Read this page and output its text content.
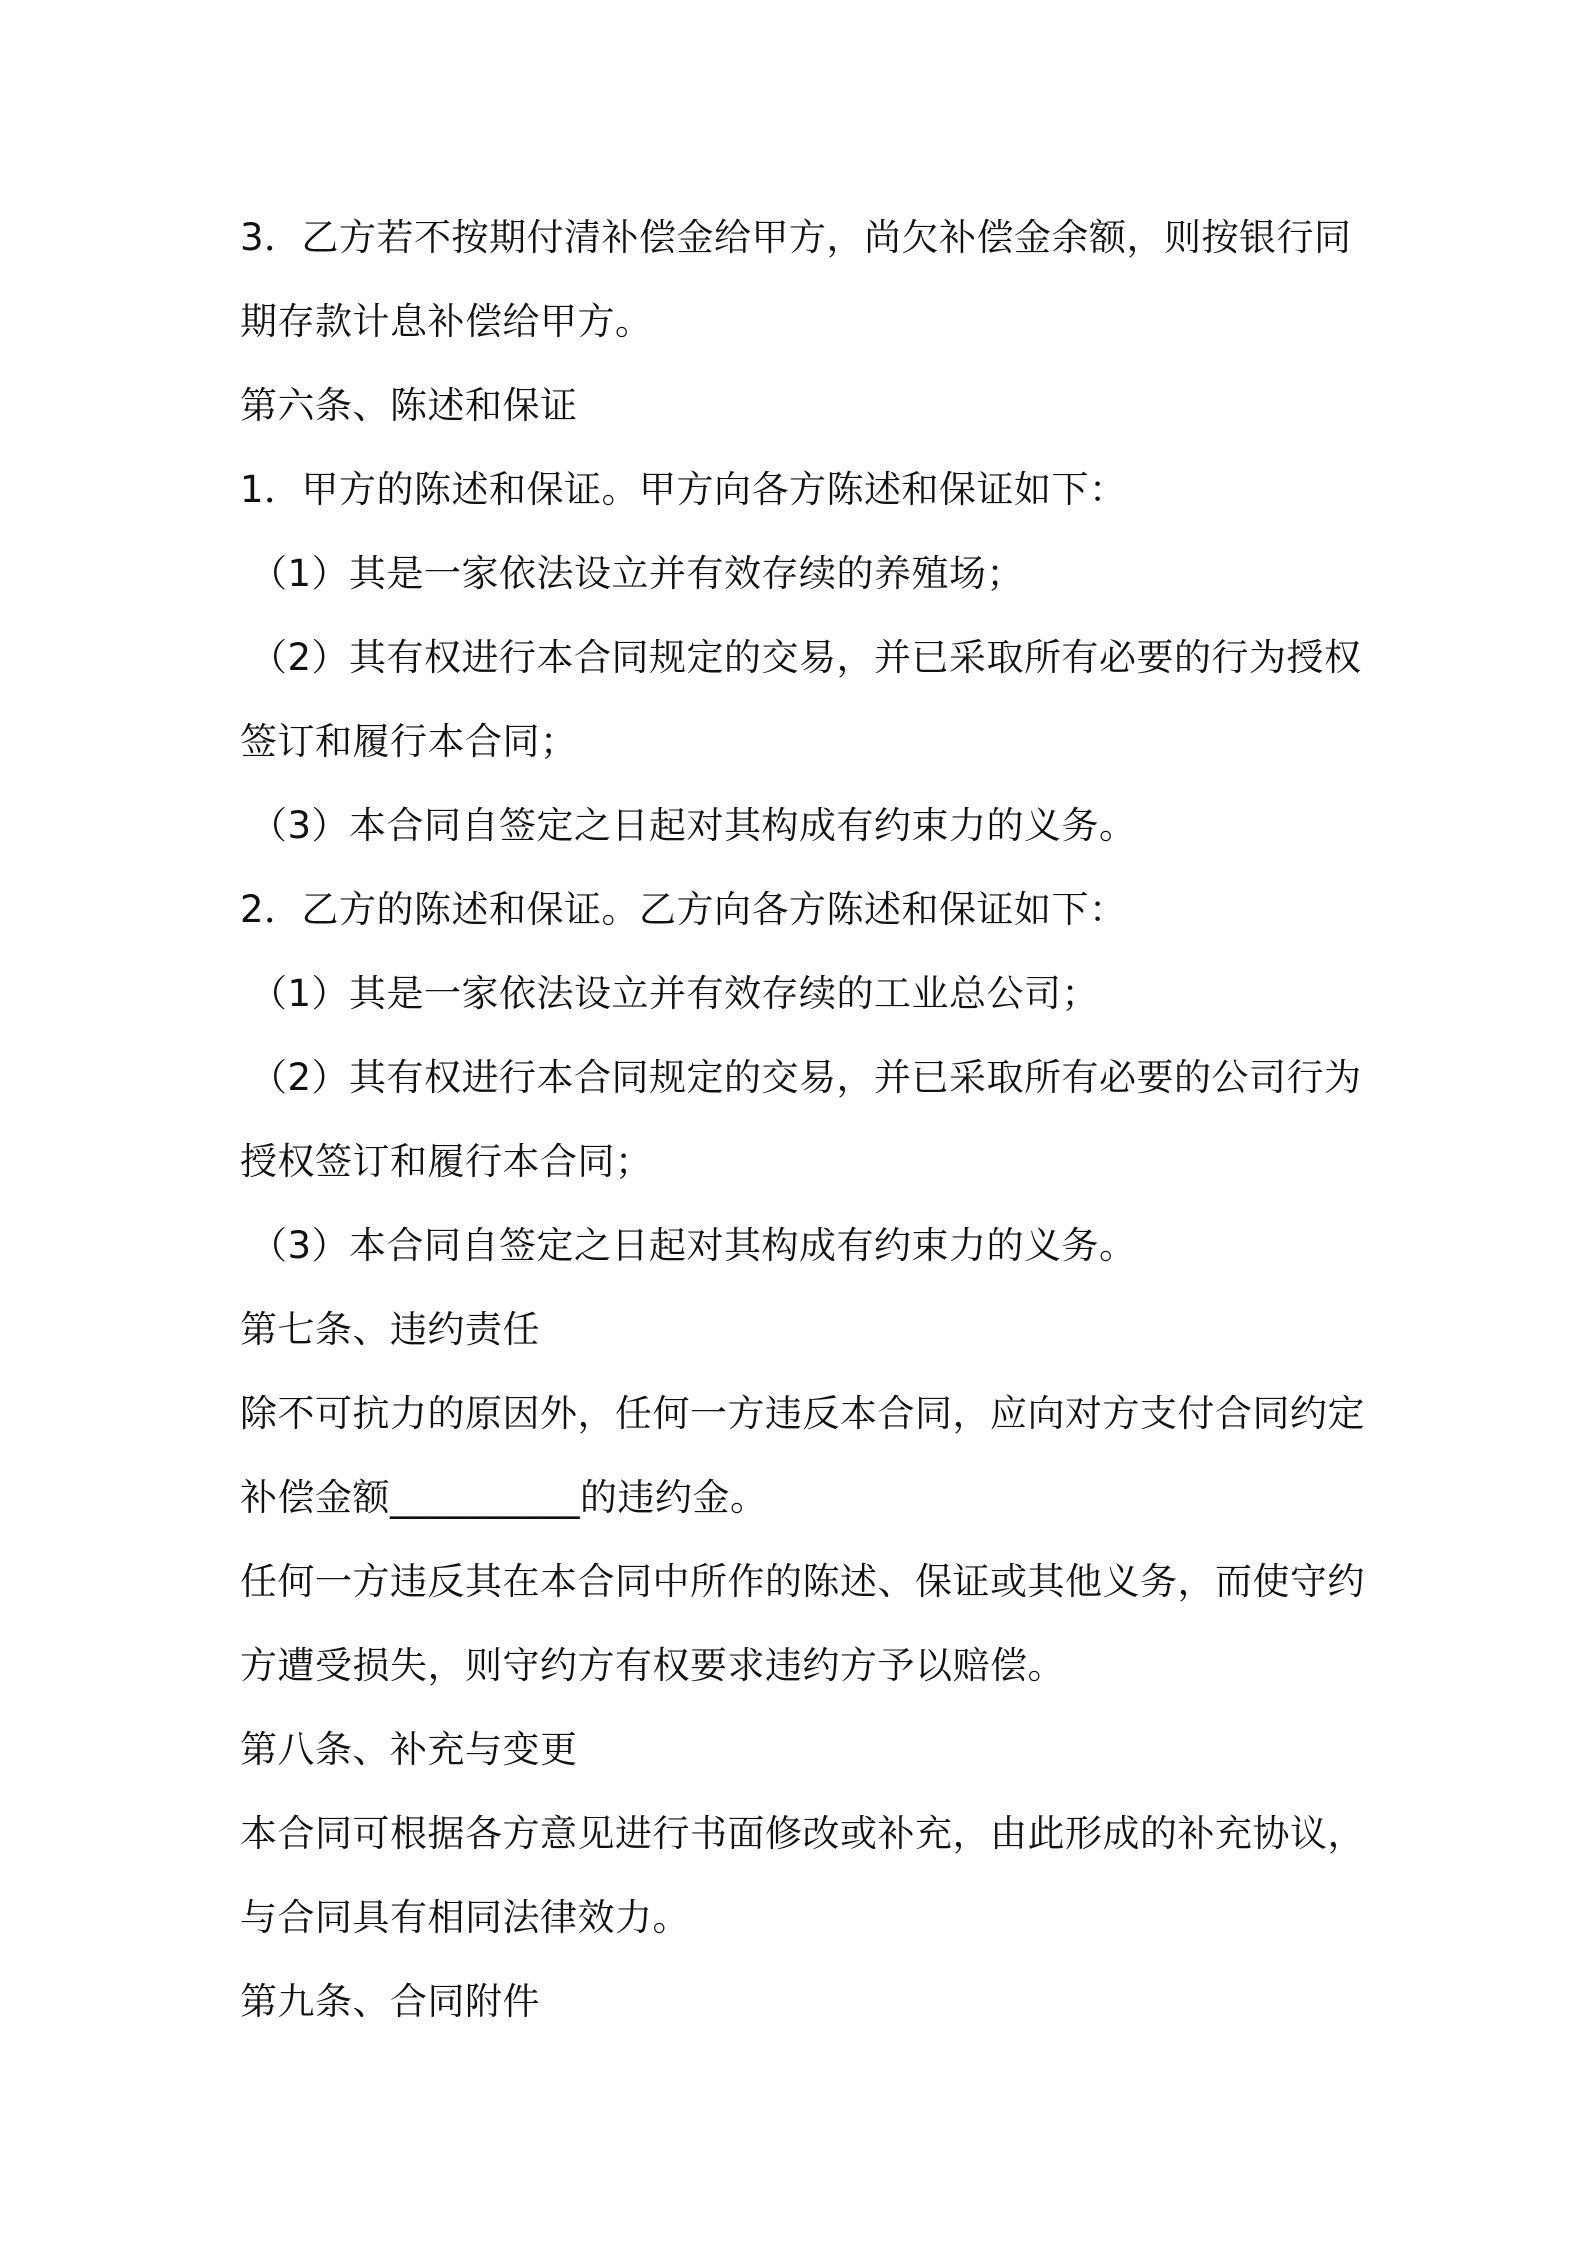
3．乙方若不按期付清补偿金给甲方，尚欠补偿金余额，则按银行同
期存款计息补偿给甲方。
第六条、陈述和保证
1．甲方的陈述和保证。甲方向各方陈述和保证如下：
（1）其是一家依法设立并有效存续的养殖场；
（2）其有权进行本合同规定的交易，并已采取所有必要的行为授权
签订和履行本合同；
（3）本合同自签定之日起对其构成有约束力的义务。
2．乙方的陈述和保证。乙方向各方陈述和保证如下：
（1）其是一家依法设立并有效存续的工业总公司；
（2）其有权进行本合同规定的交易，并已采取所有必要的公司行为
授权签订和履行本合同；
（3）本合同自签定之日起对其构成有约束力的义务。
第七条、违约责任
除不可抗力的原因外，任何一方违反本合同，应向对方支付合同约定
补偿金额__________的违约金。
任何一方违反其在本合同中所作的陈述、保证或其他义务，而使守约
方遭受损失，则守约方有权要求违约方予以赔偿。
第八条、补充与变更
本合同可根据各方意见进行书面修改或补充，由此形成的补充协议，
与合同具有相同法律效力。
第九条、合同附件
